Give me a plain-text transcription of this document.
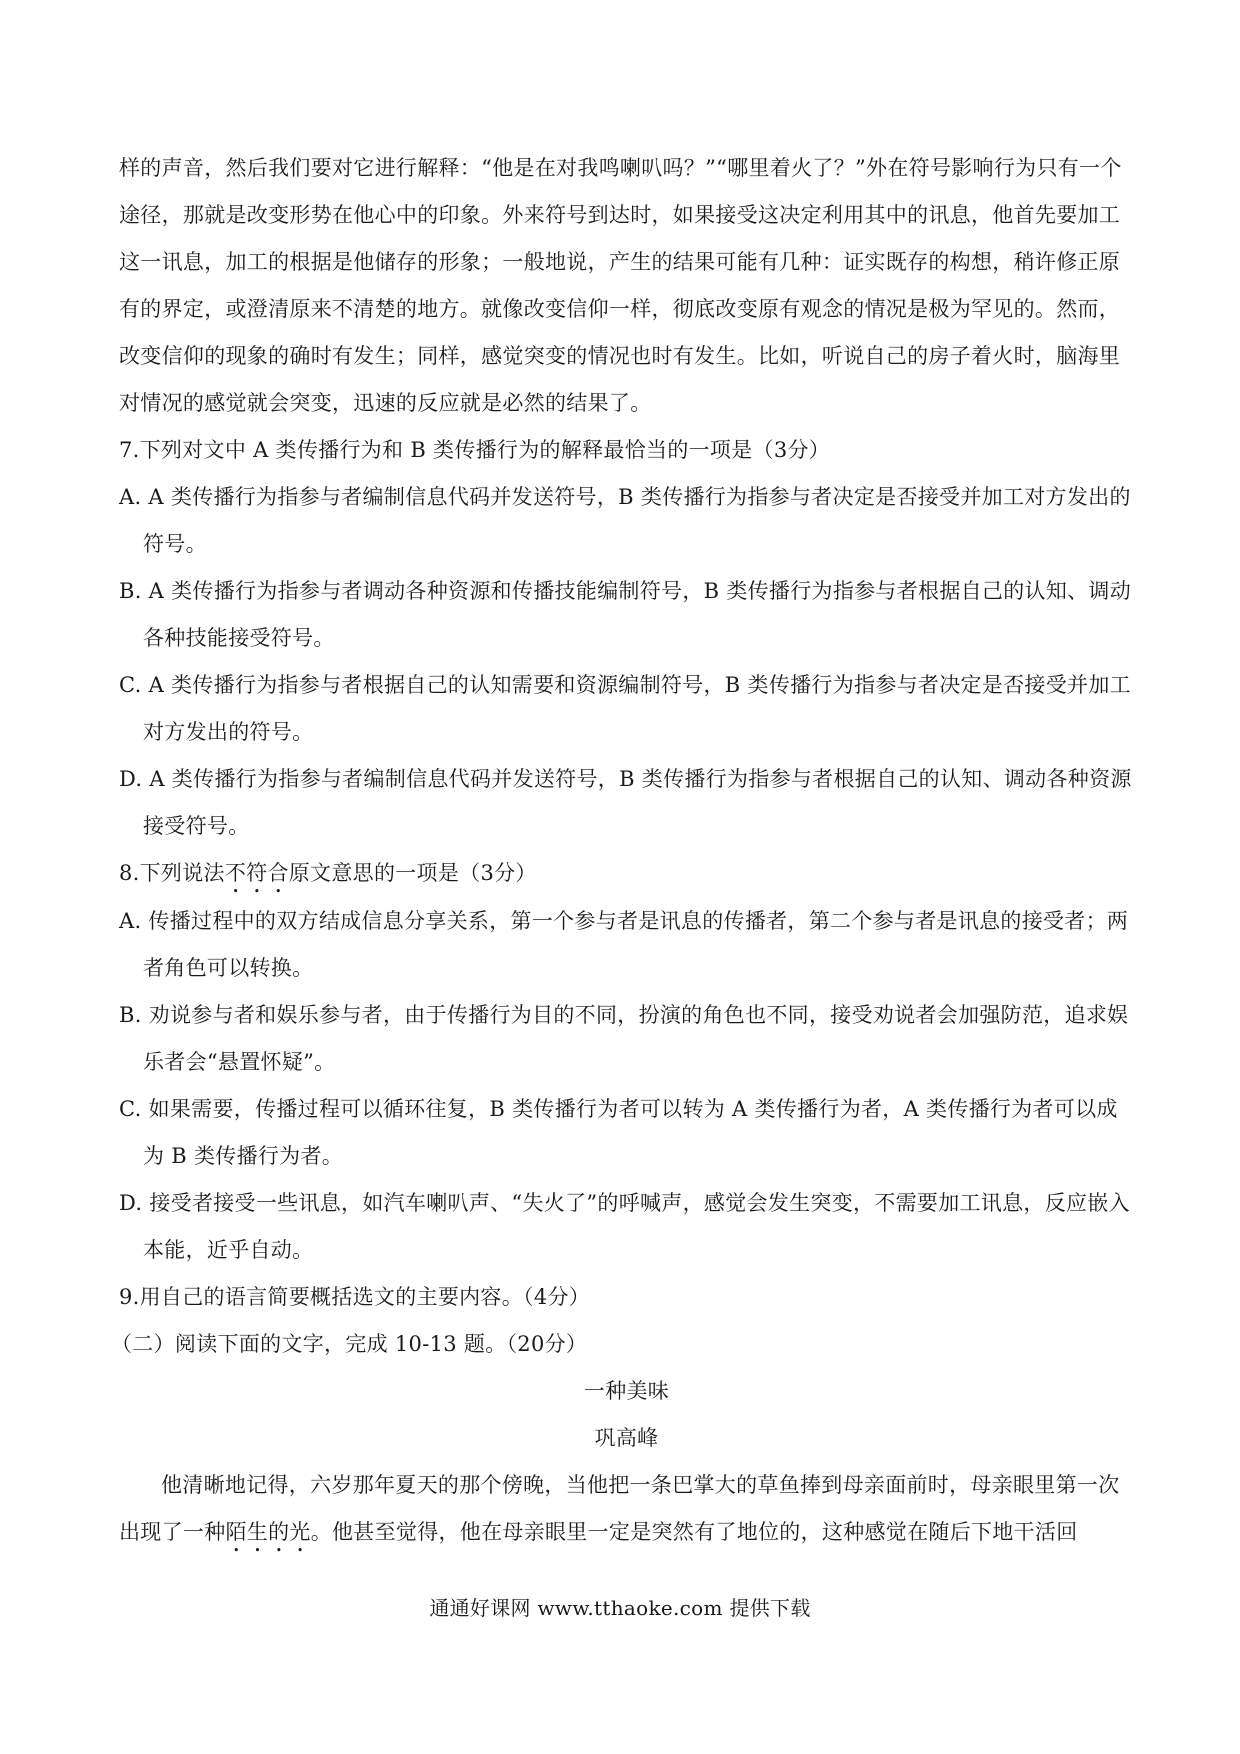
样的声音，然后我们要对它进行解释：“他是在对我鸣喇叭吗？”“哪里着火了？”外在符号影响行为只有一个途径，那就是改变形势在他心中的印象。外来符号到达时，如果接受这决定利用其中的讯息，他首先要加工这一讯息，加工的根据是他储存的形象；一般地说，产生的结果可能有几种：证实既存的构想，稍许修正原有的界定，或澄清原来不清楚的地方。就像改变信仰一样，彻底改变原有观念的情况是极为罕见的。然而，改变信仰的现象的确时有发生；同样，感觉突变的情况也时有发生。比如，听说自己的房子着火时，脑海里对情况的感觉就会突变，迅速的反应就是必然的结果了。

7.下列对文中 A 类传播行为和 B 类传播行为的解释最恰当的一项是（3分）

A. A 类传播行为指参与者编制信息代码并发送符号，B 类传播行为指参与者决定是否接受并加工对方发出的符号。

B. A 类传播行为指参与者调动各种资源和传播技能编制符号，B 类传播行为指参与者根据自己的认知、调动各种技能接受符号。

C. A 类传播行为指参与者根据自己的认知需要和资源编制符号，B 类传播行为指参与者决定是否接受并加工对方发出的符号。

D. A 类传播行为指参与者编制信息代码并发送符号，B 类传播行为指参与者根据自己的认知、调动各种资源接受符号。

8.下列说法不符合原文意思的一项是（3分）

A. 传播过程中的双方结成信息分享关系，第一个参与者是讯息的传播者，第二个参与者是讯息的接受者；两者角色可以转换。

B. 劝说参与者和娱乐参与者，由于传播行为目的不同，扮演的角色也不同，接受劝说者会加强防范，追求娱乐者会“悬置怀疑”。

C. 如果需要，传播过程可以循环往复，B 类传播行为者可以转为 A 类传播行为者，A 类传播行为者可以成为 B 类传播行为者。

D. 接受者接受一些讯息，如汽车喇叭声、“失火了”的呼喊声，感觉会发生突变，不需要加工讯息，反应嵌入本能，近乎自动。

9.用自己的语言简要概括选文的主要内容。（4分）

（二）阅读下面的文字，完成 10-13 题。（20分）

一种美味

巩高峰

他清晰地记得，六岁那年夏天的那个傍晚，当他把一条巴掌大的草鱼捧到母亲面前时，母亲眼里第一次出现了一种陌生的光。他甚至觉得，他在母亲眼里一定是突然有了地位的，这种感觉在随后下地干活回

通通好课网 www.tthaoke.com 提供下载
